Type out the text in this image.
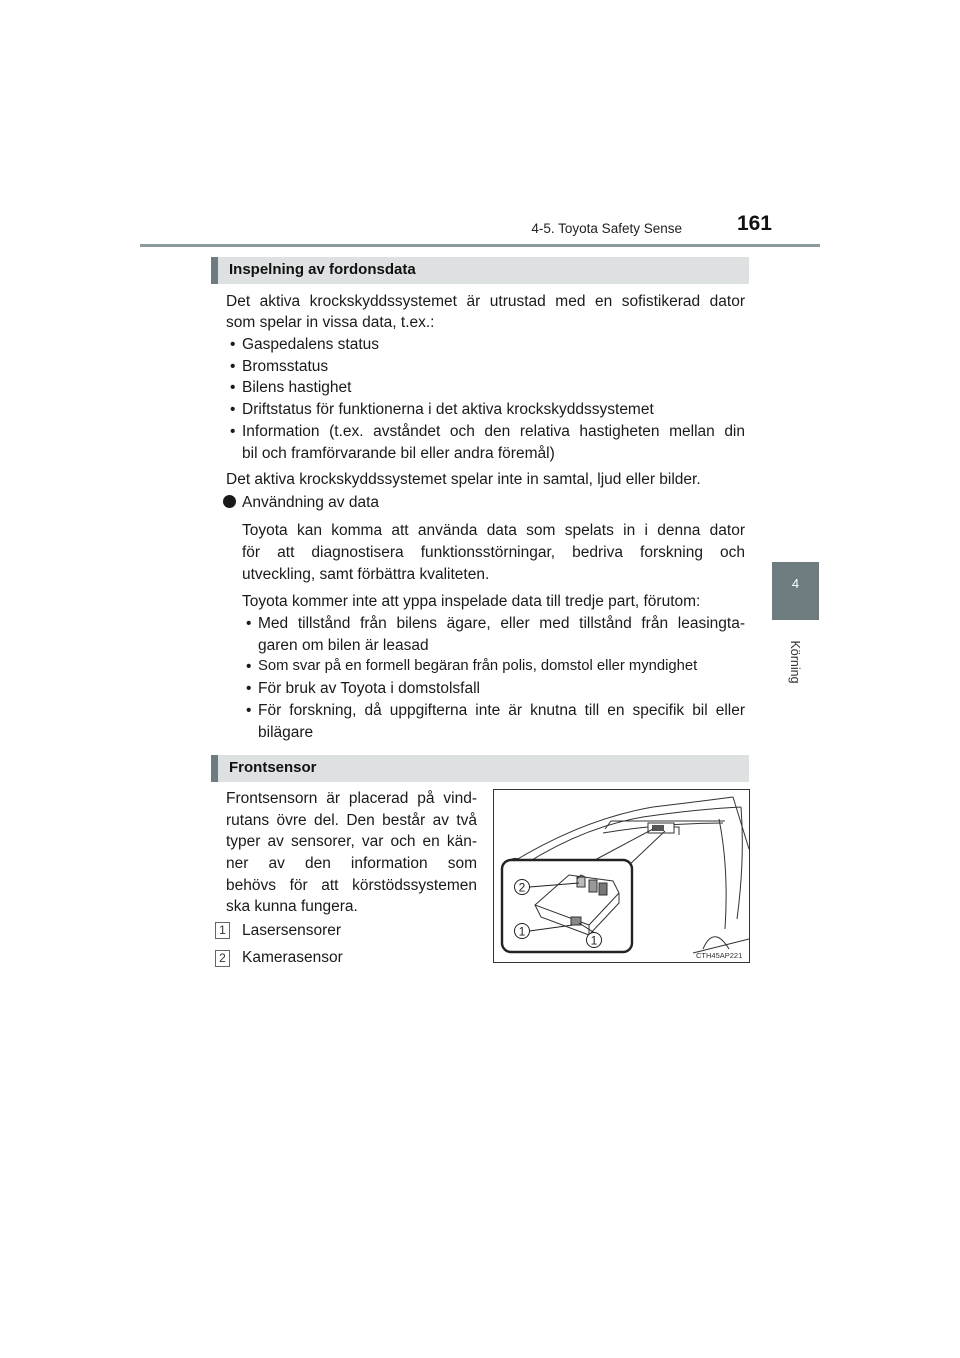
4-5. Toyota Safety Sense	161
4
Körning
Inspelning av fordonsdata

Det aktiva krockskyddssystemet är utrustad med en sofistikerad dator

som spelar in vissa data, t.ex.:

• Gaspedalens status

• Bromsstatus

• Bilens hastighet

• Driftstatus för funktionerna i det aktiva krockskyddssystemet

• Information (t.ex. avståndet och den relativa hastigheten mellan din

bil och framförvarande bil eller andra föremål)

Det aktiva krockskyddssystemet spelar inte in samtal, ljud eller bilder.

Användning av data

Toyota kan komma att använda data som spelats in i denna dator

för att diagnostisera funktionsstörningar, bedriva forskning och

utveckling, samt förbättra kvaliteten.

Toyota kommer inte att yppa inspelade data till tredje part, förutom:

• Med tillstånd från bilens ägare, eller med tillstånd från leasingta-

garen om bilen är leasad

• Som svar på en formell begäran från polis, domstol eller myndighet

• För bruk av Toyota i domstolsfall

• För forskning, då uppgifterna inte är knutna till en specifik bil eller

bilägare

Frontsensor

Frontsensorn är placerad på vind-

rutans övre del. Den består av två

typer av sensorer, var och en kän-

ner av den information som

behövs för att körstödssystemen

ska kunna fungera.

1 Lasersensorer

2 Kamerasensor

2
1
1
CTH45AP221
